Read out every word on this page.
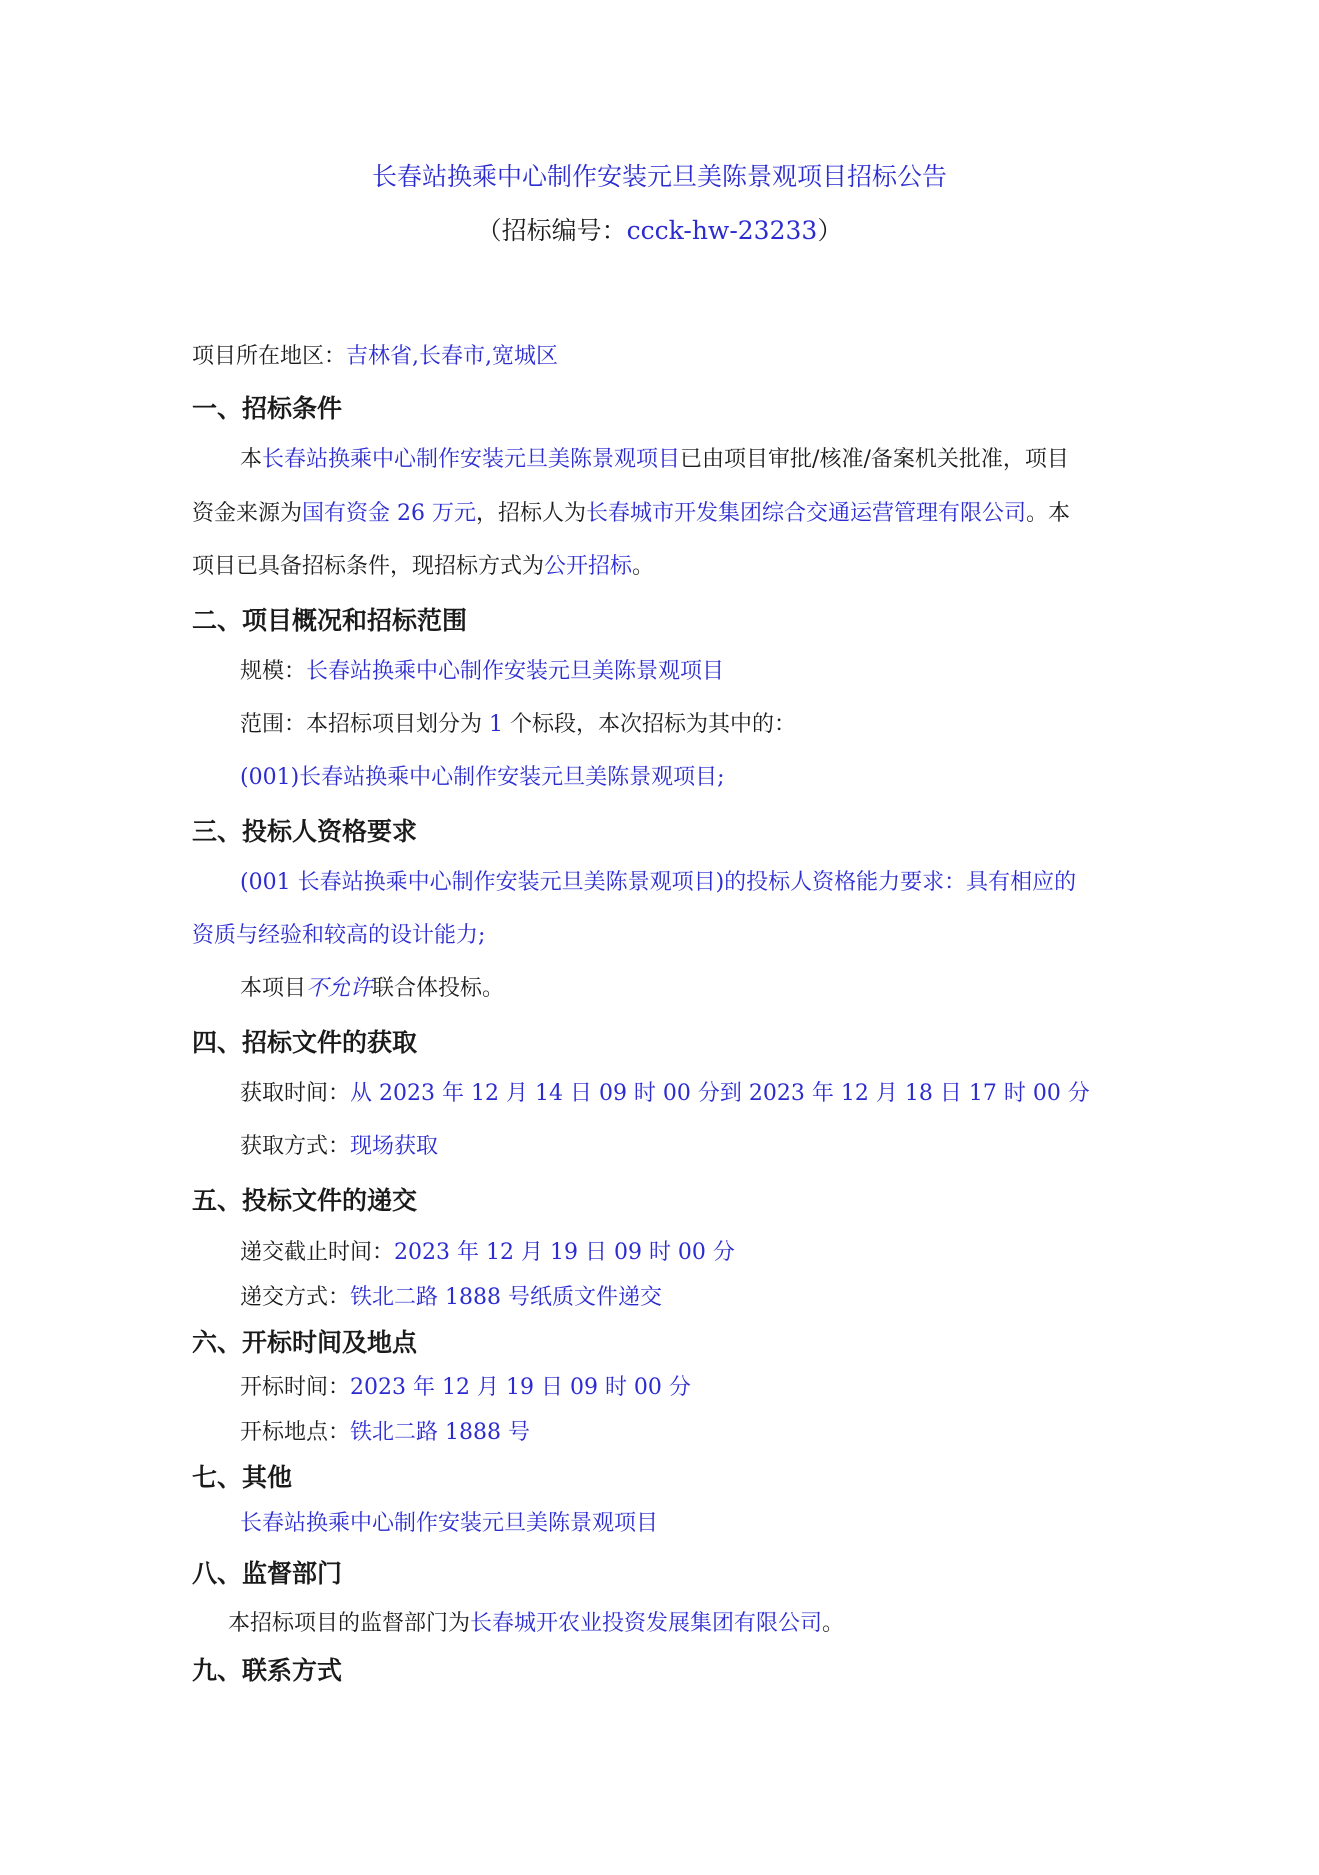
长春站换乘中心制作安装元旦美陈景观项目招标公告
（招标编号：ccck-hw-23233）
项目所在地区：吉林省,长春市,宽城区
一、招标条件
本长春站换乘中心制作安装元旦美陈景观项目已由项目审批/核准/备案机关批准，项目
资金来源为国有资金 26 万元，招标人为长春城市开发集团综合交通运营管理有限公司。本
项目已具备招标条件，现招标方式为公开招标。
二、项目概况和招标范围
规模：长春站换乘中心制作安装元旦美陈景观项目
范围：本招标项目划分为 1 个标段，本次招标为其中的：
(001)长春站换乘中心制作安装元旦美陈景观项目;
三、投标人资格要求
(001 长春站换乘中心制作安装元旦美陈景观项目)的投标人资格能力要求：具有相应的
资质与经验和较高的设计能力;
本项目不允许联合体投标。
四、招标文件的获取
获取时间：从 2023 年 12 月 14 日 09 时 00 分到 2023 年 12 月 18 日 17 时 00 分
获取方式：现场获取
五、投标文件的递交
递交截止时间：2023 年 12 月 19 日 09 时 00 分
递交方式：铁北二路 1888 号纸质文件递交
六、开标时间及地点
开标时间：2023 年 12 月 19 日 09 时 00 分
开标地点：铁北二路 1888 号
七、其他
长春站换乘中心制作安装元旦美陈景观项目
八、监督部门
本招标项目的监督部门为长春城开农业投资发展集团有限公司。
九、联系方式
